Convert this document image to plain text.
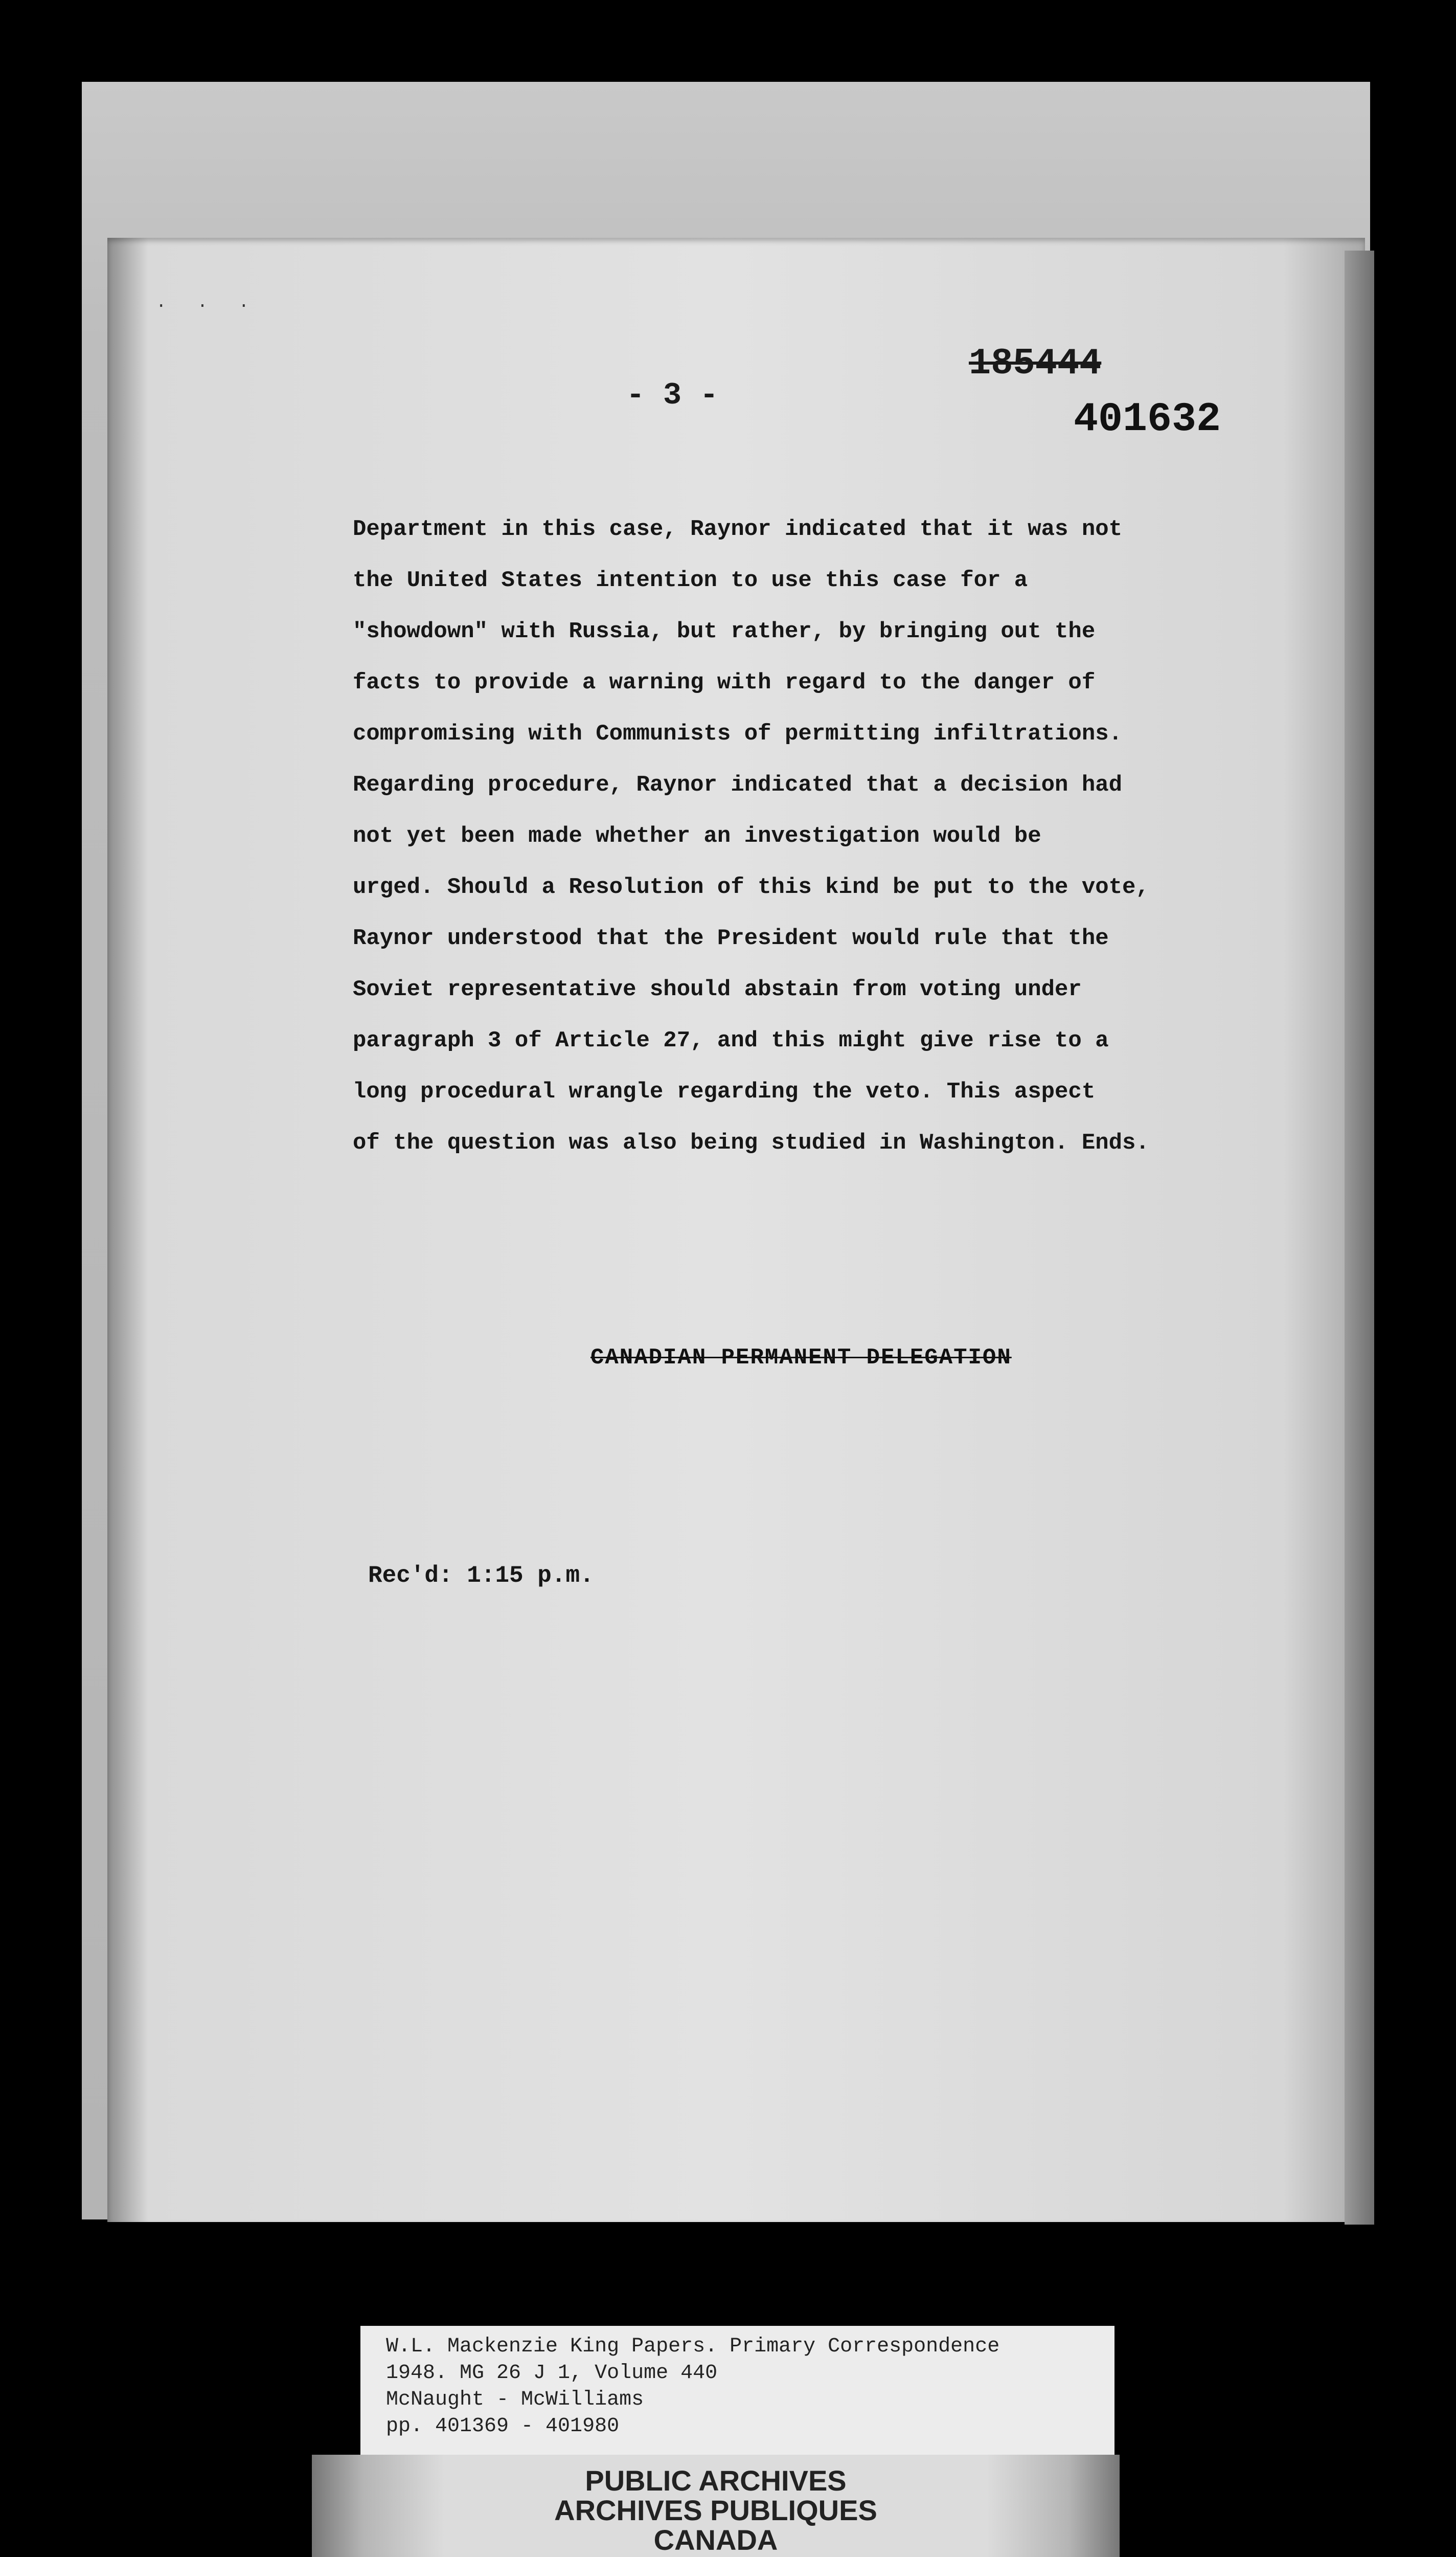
· · ·
- 3 -
185444
401632
Department in this case, Raynor indicated that it was not
the United States intention to use this case for a
"showdown" with Russia, but rather, by bringing out the
facts to provide a warning with regard to the danger of
compromising with Communists of permitting infiltrations.
Regarding procedure, Raynor indicated that a decision had
not yet been made whether an investigation would be
urged. Should a Resolution of this kind be put to the vote,
Raynor understood that the President would rule that the
Soviet representative should abstain from voting under
paragraph 3 of Article 27, and this might give rise to a
long procedural wrangle regarding the veto. This aspect
of the question was also being studied in Washington. Ends.
CANADIAN PERMANENT DELEGATION
Rec'd: 1:15 p.m.
W.L. Mackenzie King Papers. Primary Correspondence
1948. MG 26 J 1, Volume 440
McNaught - McWilliams
pp. 401369 - 401980
PUBLIC ARCHIVES
ARCHIVES PUBLIQUES
CANADA
